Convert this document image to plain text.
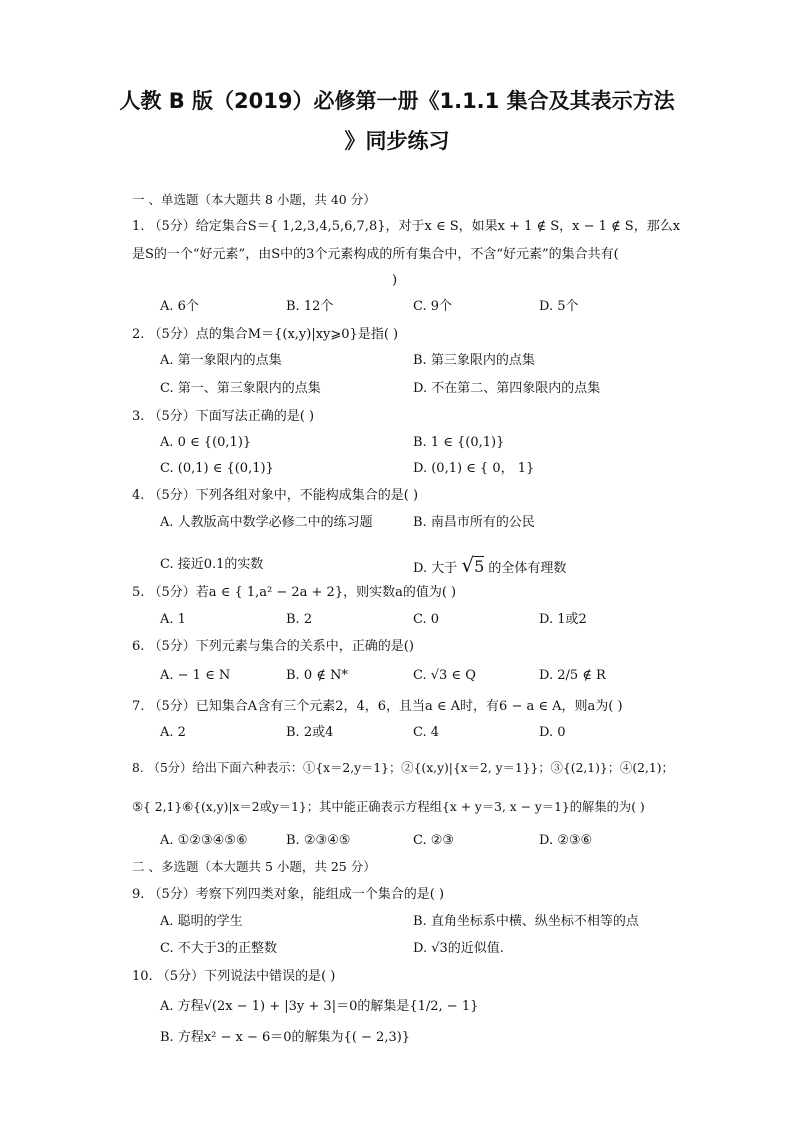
人教 B 版（2019）必修第一册《1.1.1 集合及其表示方法
》同步练习
一 、单选题（本大题共 8 小题，共 40 分）
1. （5分）给定集合S＝{ 1,2,3,4,5,6,7,8}，对于x ∈ S，如果x + 1 ∉ S，x − 1 ∉ S，那么x
是S的一个“好元素”，由S中的3个元素构成的所有集合中，不含“好元素”的集合共有(
)
A. 6个	B. 12个	C. 9个	D. 5个
2. （5分）点的集合M＝{(x,y)|xy⩾0}是指( )
A. 第一象限内的点集	B. 第三象限内的点集
C. 第一、第三象限内的点集	D. 不在第二、第四象限内的点集
3. （5分）下面写法正确的是( )
A. 0 ∈ {(0,1)}	B. 1 ∈ {(0,1)}
C. (0,1) ∈ {(0,1)}	D. (0,1) ∈ { 0， 1}
4. （5分）下列各组对象中，不能构成集合的是( )
A. 人教版高中数学必修二中的练习题	B. 南昌市所有的公民
C. 接近0.1的实数	D. 大于 √5 的全体有理数
5. （5分）若a ∈ { 1,a² − 2a + 2}，则实数a的值为( )
A. 1	B. 2	C. 0	D. 1或2
6. （5分）下列元素与集合的关系中，正确的是()
A. − 1 ∈ N	B. 0 ∉ N*	C. √3 ∈ Q	D. 2/5 ∉ R
7. （5分）已知集合A含有三个元素2，4，6，且当a ∈ A时，有6 − a ∈ A，则a为( )
A. 2	B. 2或4	C. 4	D. 0
8. （5分）给出下面六种表示：①{x＝2,y＝1}；②{(x,y)|{x＝2, y＝1}}；③{(2,1)}；④(2,1)；
⑤{ 2,1}⑥{(x,y)|x＝2或y＝1}；其中能正确表示方程组{x + y＝3, x − y＝1}的解集的为( )
A. ①②③④⑤⑥	B. ②③④⑤	C. ②③	D. ②③⑥
二 、多选题（本大题共 5 小题，共 25 分）
9. （5分）考察下列四类对象，能组成一个集合的是( )
A. 聪明的学生	B. 直角坐标系中横、纵坐标不相等的点
C. 不大于3的正整数	D. √3的近似值.
10. （5分）下列说法中错误的是( )
A. 方程√(2x − 1) + |3y + 3|＝0的解集是{1/2, − 1}
B. 方程x² − x − 6＝0的解集为{( − 2,3)}
